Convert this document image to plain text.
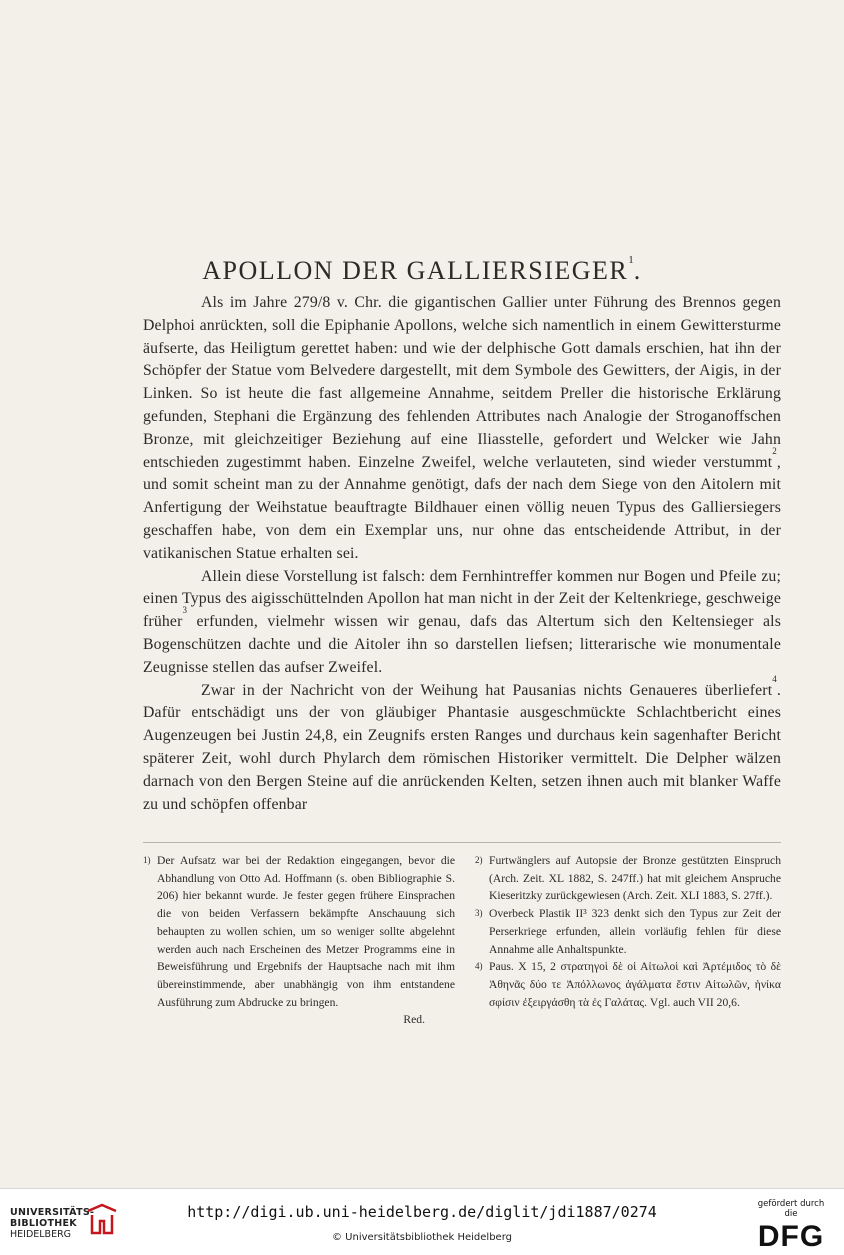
APOLLON DER GALLIERSIEGER$^1$.

Als im Jahre 279/8 v. Chr. die gigantischen Gallier unter Führung des Brennos gegen Delphoi anrückten, soll die Epiphanie Apollons, welche sich namentlich in einem Gewittersturme äufserte, das Heiligtum gerettet haben: und wie der delphische Gott damals erschien, hat ihn der Schöpfer der Statue vom Belvedere dargestellt, mit dem Symbole des Gewitters, der Aigis, in der Linken. So ist heute die fast allgemeine Annahme, seitdem Preller die historische Erklärung gefunden, Stephani die Ergänzung des fehlenden Attributes nach Analogie der Stroganoffschen Bronze, mit gleichzeitiger Beziehung auf eine Iliasstelle, gefordert und Welcker wie Jahn entschieden zugestimmt haben. Einzelne Zweifel, welche verlauteten, sind wieder verstummt$^2$, und somit scheint man zu der Annahme genötigt, dafs der nach dem Siege von den Aitolern mit Anfertigung der Weihstatue beauftragte Bildhauer einen völlig neuen Typus des Galliersiegers geschaffen habe, von dem ein Exemplar uns, nur ohne das entscheidende Attribut, in der vatikanischen Statue erhalten sei.

Allein diese Vorstellung ist falsch: dem Fernhintreffer kommen nur Bogen und Pfeile zu; einen Typus des aigisschüttelnden Apollon hat man nicht in der Zeit der Keltenkriege, geschweige früher$^3$ erfunden, vielmehr wissen wir genau, dafs das Altertum sich den Keltensieger als Bogenschützen dachte und die Aitoler ihn so darstellen liefsen; litterarische wie monumentale Zeugnisse stellen das aufser Zweifel.

Zwar in der Nachricht von der Weihung hat Pausanias nichts Genaueres überliefert$^4$. Dafür entschädigt uns der von gläubiger Phantasie ausgeschmückte Schlachtbericht eines Augenzeugen bei Justin 24,8, ein Zeugnifs ersten Ranges und durchaus kein sagenhafter Bericht späterer Zeit, wohl durch Phylarch dem römischen Historiker vermittelt. Die Delpher wälzen darnach von den Bergen Steine auf die anrückenden Kelten, setzen ihnen auch mit blanker Waffe zu und schöpfen offenbar

1) Der Aufsatz war bei der Redaktion eingegangen, bevor die Abhandlung von Otto Ad. Hoffmann (s. oben Bibliographie S. 206) hier bekannt wurde. Je fester gegen frühere Einsprachen die von beiden Verfassern bekämpfte Anschauung sich behaupten zu wollen schien, um so weniger sollte abgelehnt werden auch nach Erscheinen des Metzer Programms eine in Beweisführung und Ergebnifs der Hauptsache nach mit ihm übereinstimmende, aber unabhängig von ihm entstandene Ausführung zum Abdrucke zu bringen.

Red.

2) Furtwänglers auf Autopsie der Bronze gestützten Einspruch (Arch. Zeit. XL 1882, S. 247ff.) hat mit gleichem Anspruche Kieseritzky zurückgewiesen (Arch. Zeit. XLI 1883, S. 27ff.).
3) Overbeck Plastik II³ 323 denkt sich den Typus zur Zeit der Perserkriege erfunden, allein vorläufig fehlen für diese Annahme alle Anhaltspunkte.
4) Paus. X 15, 2 στρατηγοὶ δὲ οἱ Αἰτωλοὶ καὶ Ἀρτέμιδος τὸ δὲ Ἀθηνᾶς δύο τε Ἀπόλλωνος ἀγάλματα ἔστιν Αἰτωλῶν, ἡνίκα σφίσιν ἐξειργάσθη τὰ ἐς Γαλάτας. Vgl. auch VII 20,6.
UNIVERSITÄTS-
BIBLIOTHEK
HEIDELBERG
http://digi.ub.uni-heidelberg.de/diglit/jdi1887/0274
© Universitätsbibliothek Heidelberg
gefördert durch die
DFG
